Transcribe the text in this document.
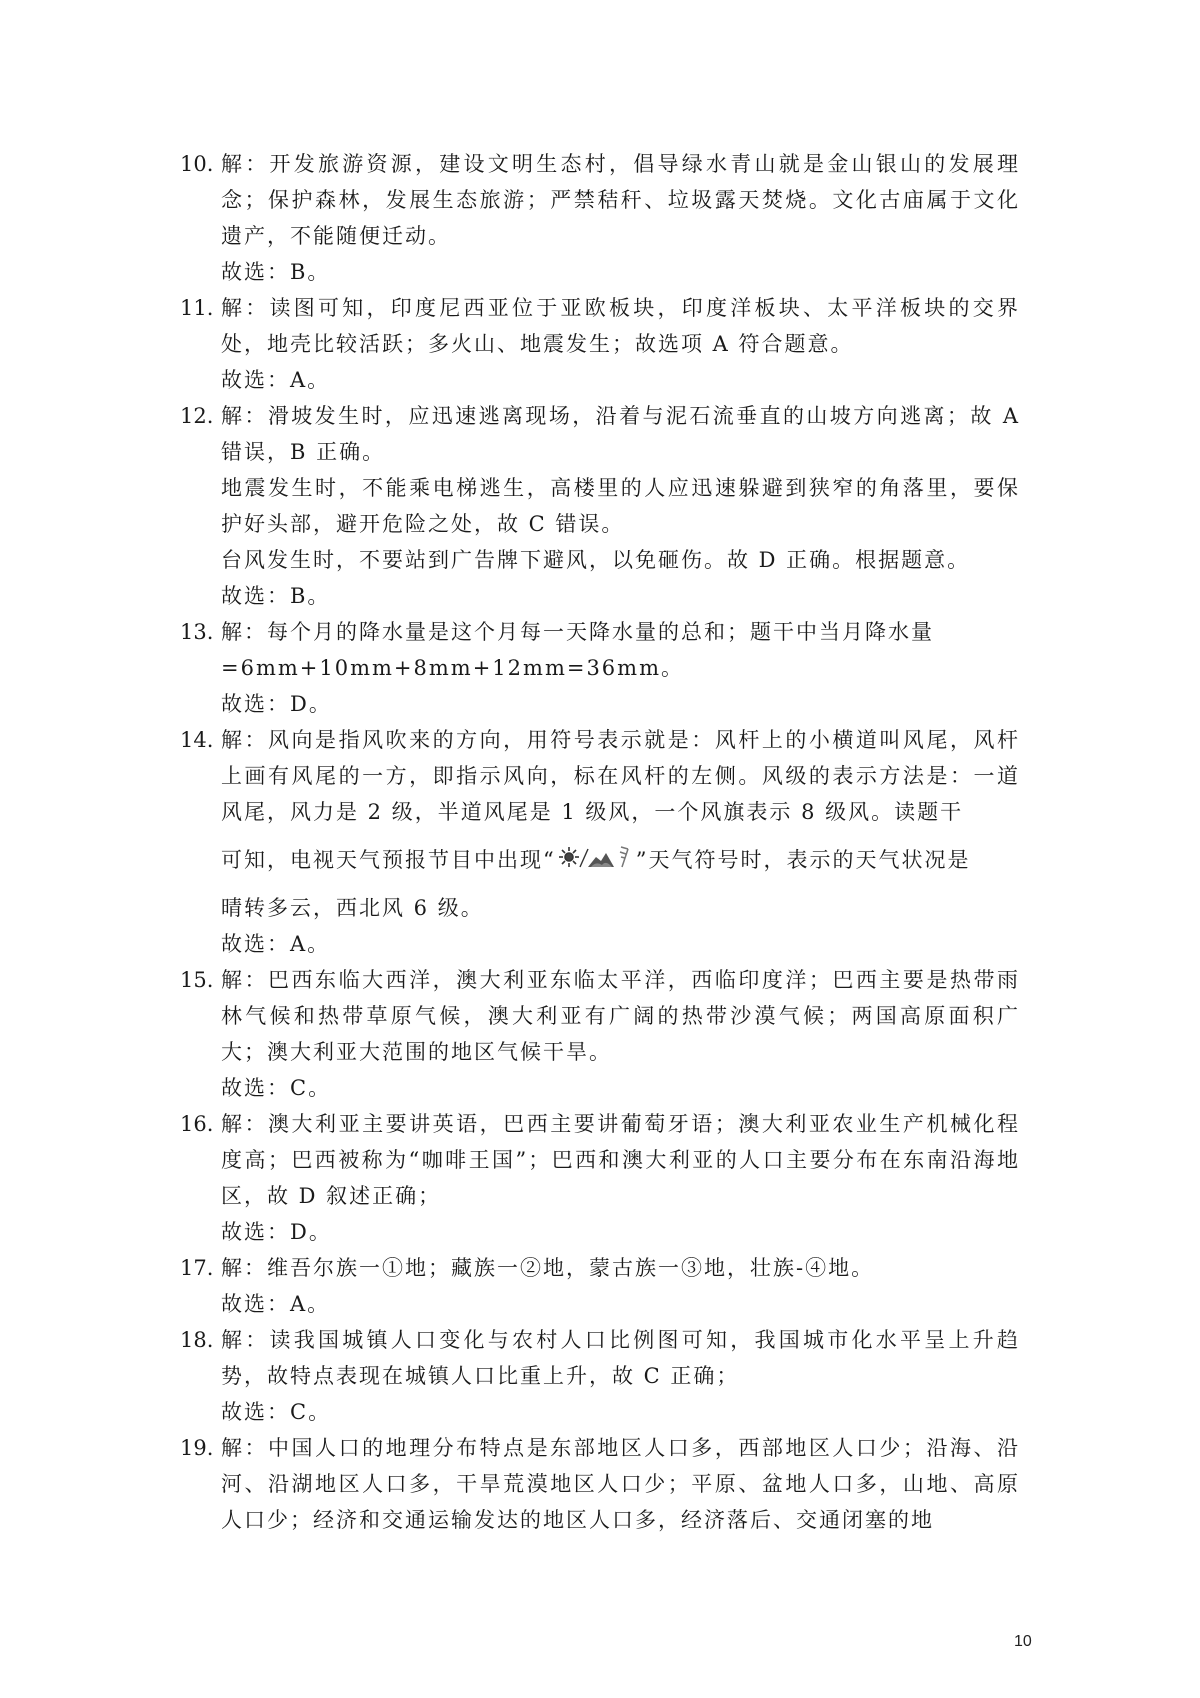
10. 解：开发旅游资源，建设文明生态村，倡导绿水青山就是金山银山的发展理念；保护森林，发展生态旅游；严禁秸秆、垃圾露天焚烧。文化古庙属于文化遗产，不能随便迁动。
故选：B。
11. 解：读图可知，印度尼西亚位于亚欧板块，印度洋板块、太平洋板块的交界处，地壳比较活跃；多火山、地震发生；故选项 A 符合题意。
故选：A。
12. 解：滑坡发生时，应迅速逃离现场，沿着与泥石流垂直的山坡方向逃离；故 A 错误，B 正确。
地震发生时，不能乘电梯逃生，高楼里的人应迅速躲避到狭窄的角落里，要保护好头部，避开危险之处，故 C 错误。
台风发生时，不要站到广告牌下避风，以免砸伤。故 D 正确。根据题意。
故选：B。
13. 解：每个月的降水量是这个月每一天降水量的总和；题干中当月降水量
=6mm+10mm+8mm+12mm=36mm。
故选：D。
14. 解：风向是指风吹来的方向，用符号表示就是：风杆上的小横道叫风尾，风杆上画有风尾的一方，即指示风向，标在风杆的左侧。风级的表示方法是：一道风尾，风力是 2 级，半道风尾是 1 级风，一个风旗表示 8 级风。读题干
可知，电视天气预报节目中出现“	”天气符号时，表示的天气状况是
晴转多云，西北风 6 级。
故选：A。
15. 解：巴西东临大西洋，澳大利亚东临太平洋，西临印度洋；巴西主要是热带雨林气候和热带草原气候，澳大利亚有广阔的热带沙漠气候；两国高原面积广大；澳大利亚大范围的地区气候干旱。
故选：C。
16. 解：澳大利亚主要讲英语，巴西主要讲葡萄牙语；澳大利亚农业生产机械化程度高；巴西被称为“咖啡王国”；巴西和澳大利亚的人口主要分布在东南沿海地区，故 D 叙述正确；
故选：D。
17. 解：维吾尔族一①地；藏族一②地，蒙古族一③地，壮族-④地。
故选：A。
18. 解：读我国城镇人口变化与农村人口比例图可知，我国城市化水平呈上升趋势，故特点表现在城镇人口比重上升，故 C 正确；
故选：C。
19. 解：中国人口的地理分布特点是东部地区人口多，西部地区人口少；沿海、沿河、沿湖地区人口多，干旱荒漠地区人口少；平原、盆地人口多，山地、高原人口少；经济和交通运输发达的地区人口多，经济落后、交通闭塞的地
10
